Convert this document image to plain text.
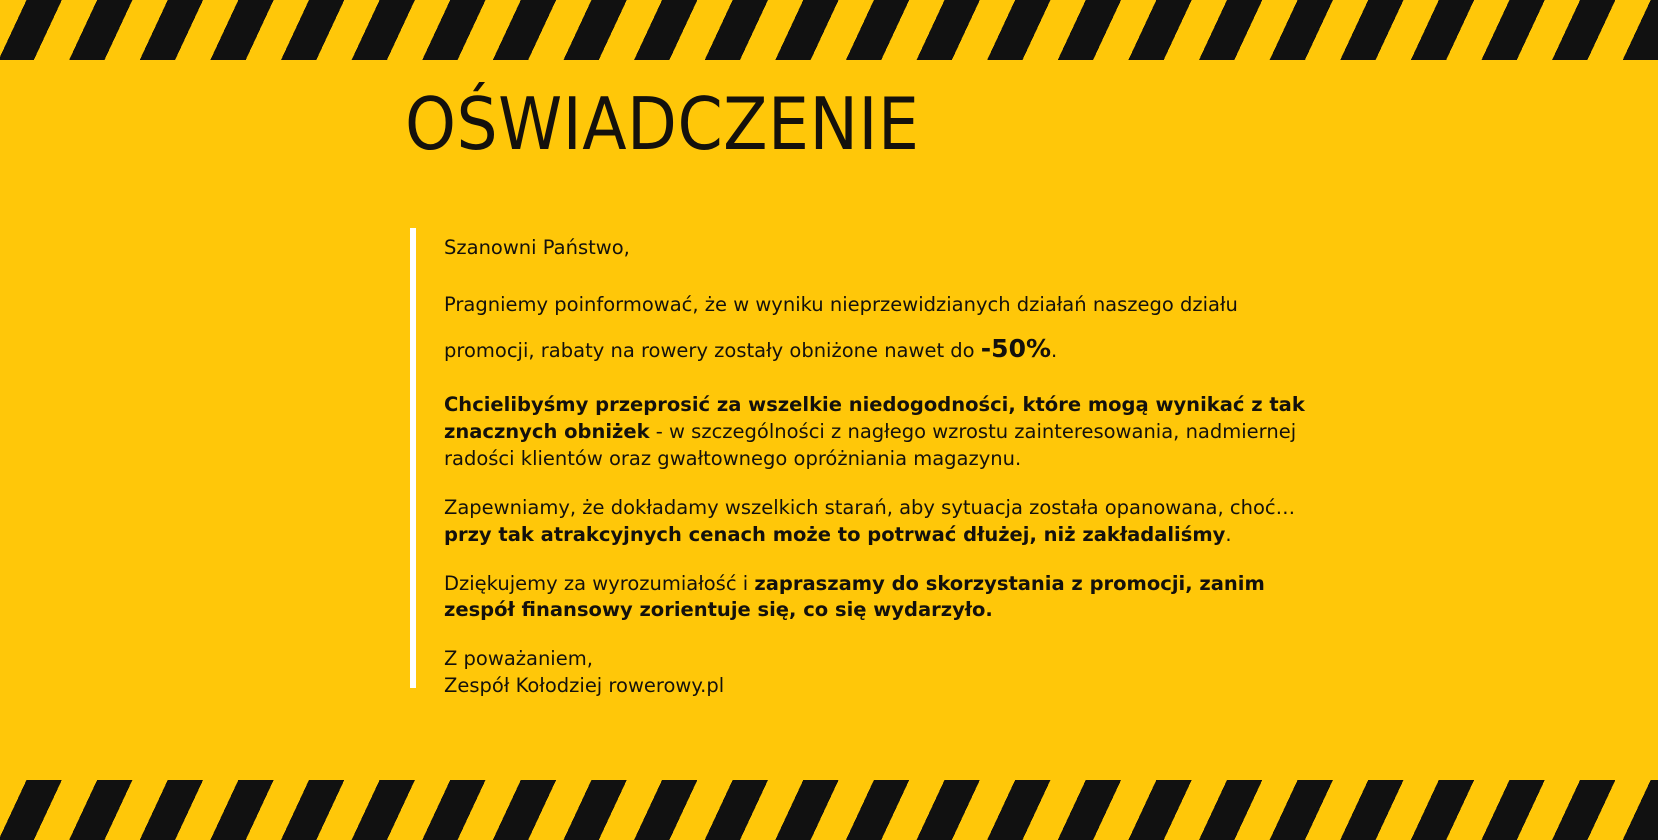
OŚWIADCZENIE

Szanowni Państwo,

Pragniemy poinformować, że w wyniku nieprzewidzianych działań naszego działu
promocji, rabaty na rowery zostały obniżone nawet do -50%.

Chcielibyśmy przeprosić za wszelkie niedogodności, które mogą wynikać z tak znacznych obniżek - w szczególności z nagłego wzrostu zainteresowania, nadmiernej radości klientów oraz gwałtownego opróżniania magazynu.

Zapewniamy, że dokładamy wszelkich starań, aby sytuacja została opanowana, choć… przy tak atrakcyjnych cenach może to potrwać dłużej, niż zakładaliśmy.

Dziękujemy za wyrozumiałość i zapraszamy do skorzystania z promocji, zanim zespół finansowy zorientuje się, co się wydarzyło.

Z poważaniem,
Zespół Kołodziej rowerowy.pl
